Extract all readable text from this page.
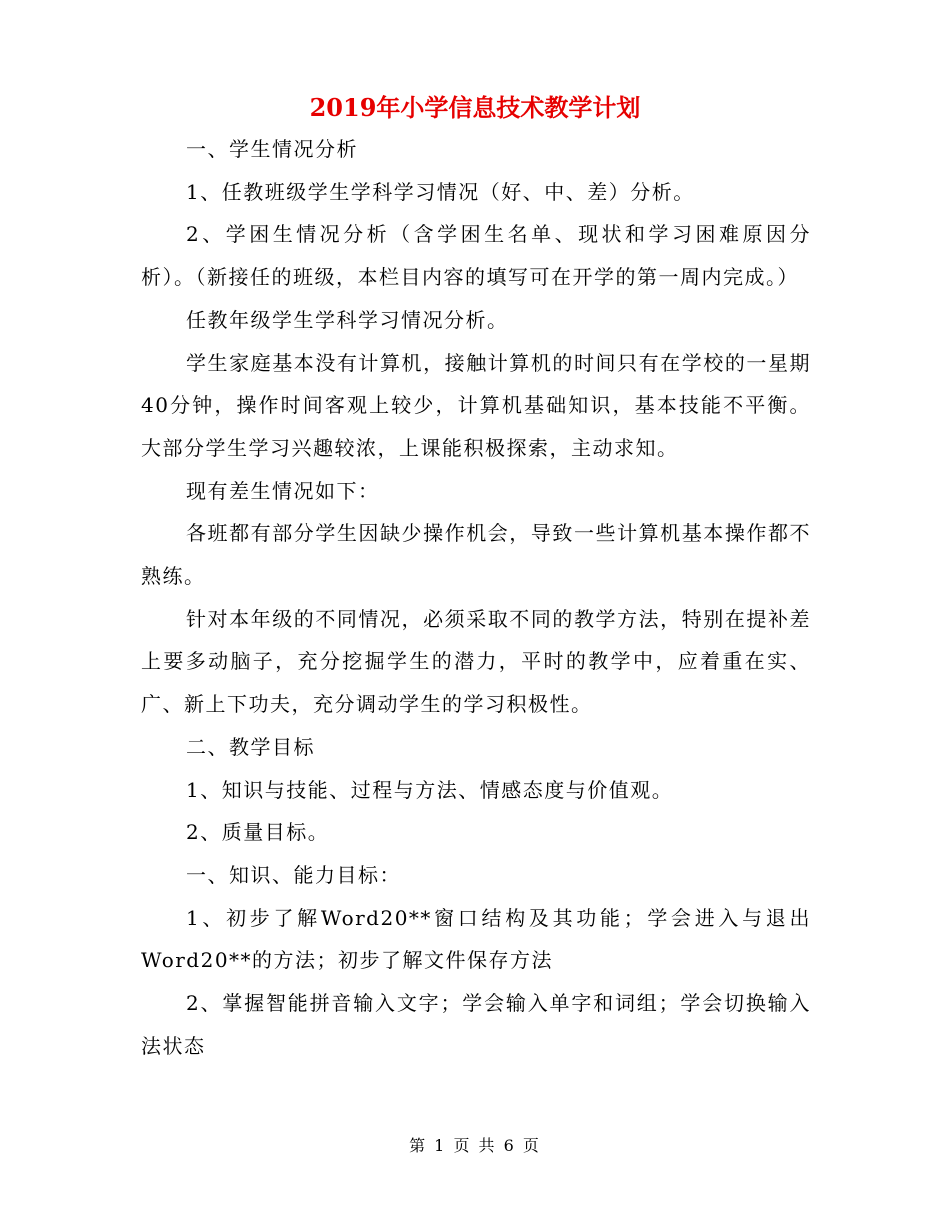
2019年小学信息技术教学计划

一、学生情况分析

1、任教班级学生学科学习情况（好、中、差）分析。

2、学困生情况分析（含学困生名单、现状和学习困难原因分析）。（新接任的班级，本栏目内容的填写可在开学的第一周内完成。）

任教年级学生学科学习情况分析。

学生家庭基本没有计算机，接触计算机的时间只有在学校的一星期40分钟，操作时间客观上较少，计算机基础知识，基本技能不平衡。大部分学生学习兴趣较浓，上课能积极探索，主动求知。

现有差生情况如下：

各班都有部分学生因缺少操作机会，导致一些计算机基本操作都不熟练。

针对本年级的不同情况，必须采取不同的教学方法，特别在提补差上要多动脑子，充分挖掘学生的潜力，平时的教学中，应着重在实、广、新上下功夫，充分调动学生的学习积极性。

二、教学目标

1、知识与技能、过程与方法、情感态度与价值观。

2、质量目标。

一、知识、能力目标：

1、初步了解Word20**窗口结构及其功能；学会进入与退出Word20**的方法；初步了解文件保存方法

2、掌握智能拼音输入文字；学会输入单字和词组；学会切换输入法状态

第 1 页 共 6 页
